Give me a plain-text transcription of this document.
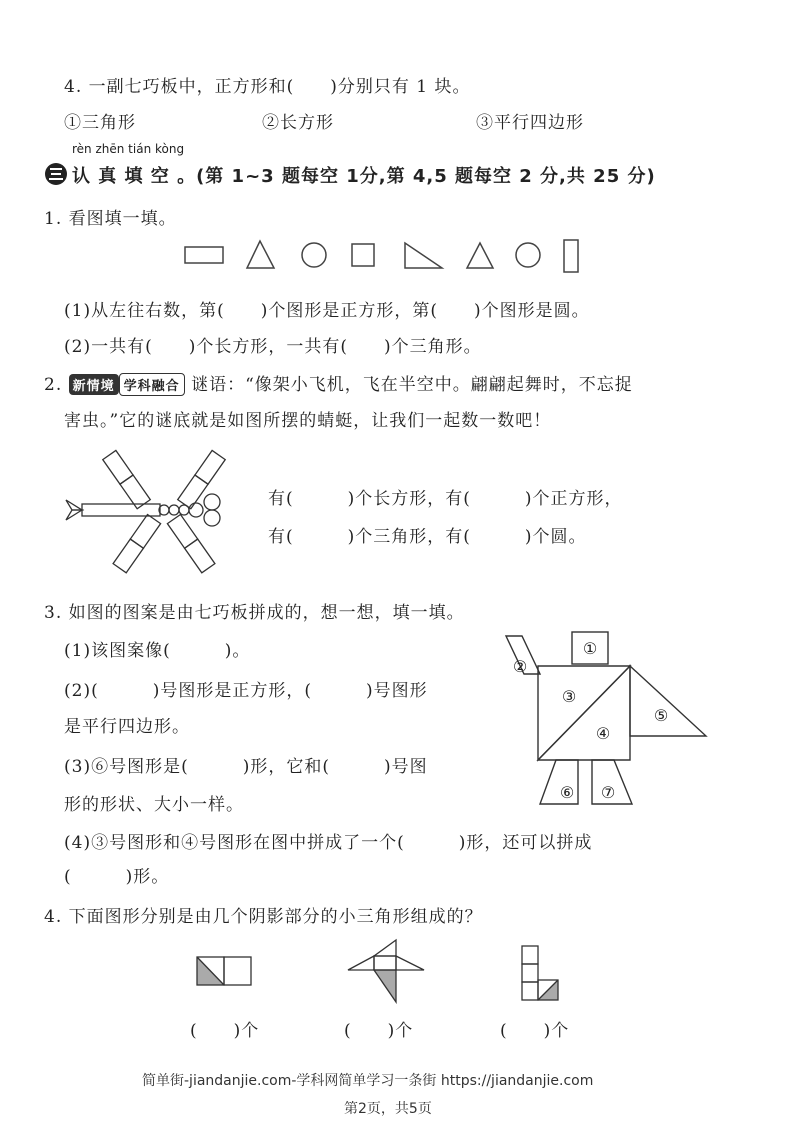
4. 一副七巧板中，正方形和(　　)分别只有 1 块。
①三角形	②长方形	③平行四边形
rèn zhēn tián kòng
认 真 填 空 。(第 1~3 题每空 1分,第 4,5 题每空 2 分,共 25 分)
1. 看图填一填。
(1)从左往右数，第(　　)个图形是正方形，第(　　)个图形是圆。
(2)一共有(　　)个长方形，一共有(　　)个三角形。
2. 新情境 学科融合 谜语：“像架小飞机，飞在半空中。翩翩起舞时，不忘捉
害虫。”它的谜底就是如图所摆的蜻蜓，让我们一起数一数吧！
有(　　　)个长方形，有(　　　)个正方形，
有(　　　)个三角形，有(　　　)个圆。
3. 如图的图案是由七巧板拼成的，想一想，填一填。
(1)该图案像(　　　)。
(2)(　　　)号图形是正方形，(　　　)号图形
是平行四边形。
(3)⑥号图形是(　　　)形，它和(　　　)号图
形的形状、大小一样。
(4)③号图形和④号图形在图中拼成了一个(　　　)形，还可以拼成
(　　　)形。
①
②
③
④
⑤
⑥ ⑦
4. 下面图形分别是由几个阴影部分的小三角形组成的？
(　　)个	(　　)个	(　　)个
简单街-jiandanjie.com-学科网简单学习一条街 https://jiandanjie.com
第2页，共5页
